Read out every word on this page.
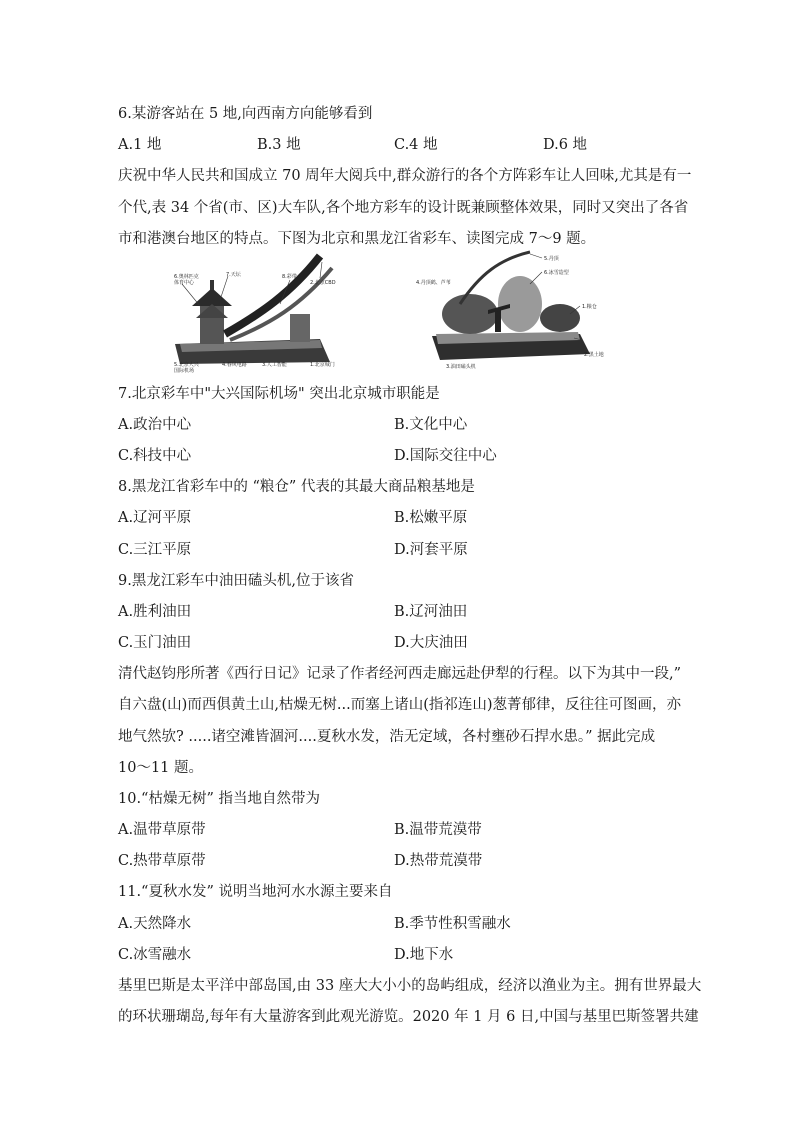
6.某游客站在 5 地,向西南方向能够看到
A.1 地	B.3 地	C.4 地	D.6 地
庆祝中华人民共和国成立 70 周年大阅兵中,群众游行的各个方阵彩车让人回味,尤其是有一
个代,表 34 个省(市、区)大车队,各个地方彩车的设计既兼顾整体效果，同时又突出了各省
市和港澳台地区的特点。下图为北京和黑龙江省彩车、读图完成 7～9 题。
6.奥林匹克
体育中心
7.天坛	8.彩带
2.北京CBD
5.北京大兴
国际机场
4.春风电路	3.人工智能	1.北京城门
5.丹顶
6.冰雪造型
4.丹顶鹤、芦苇
1.粮仓
3.油田磕头机
2.黑土地
7.北京彩车中"大兴国际机场" 突出北京城市职能是
A.政治中心	B.文化中心
C.科技中心	D.国际交往中心
8.黑龙江省彩车中的 “粮仓” 代表的其最大商品粮基地是
A.辽河平原	B.松嫩平原
C.三江平原	D.河套平原
9.黑龙江彩车中油田磕头机,位于该省
A.胜利油田	B.辽河油田
C.玉门油田	D.大庆油田
清代赵钧彤所著《西行日记》记录了作者经河西走廊远赴伊犁的行程。以下为其中一段,”
自六盘(山)而西俱黄土山,枯燥无树...而塞上诸山(指祁连山)葱菁郁律，反往往可图画，亦
地气然欤? .....诸空滩皆涸河....夏秋水发，浩无定域，各村壅砂石捍水患。” 据此完成
10～11 题。
10.“枯燥无树” 指当地自然带为
A.温带草原带	B.温带荒漠带
C.热带草原带	D.热带荒漠带
11.“夏秋水发” 说明当地河水水源主要来自
A.天然降水	B.季节性积雪融水
C.冰雪融水	D.地下水
基里巴斯是太平洋中部岛国,由 33 座大大小小的岛屿组成，经济以渔业为主。拥有世界最大
的环状珊瑚岛,每年有大量游客到此观光游览。2020 年 1 月 6 日,中国与基里巴斯签署共建
